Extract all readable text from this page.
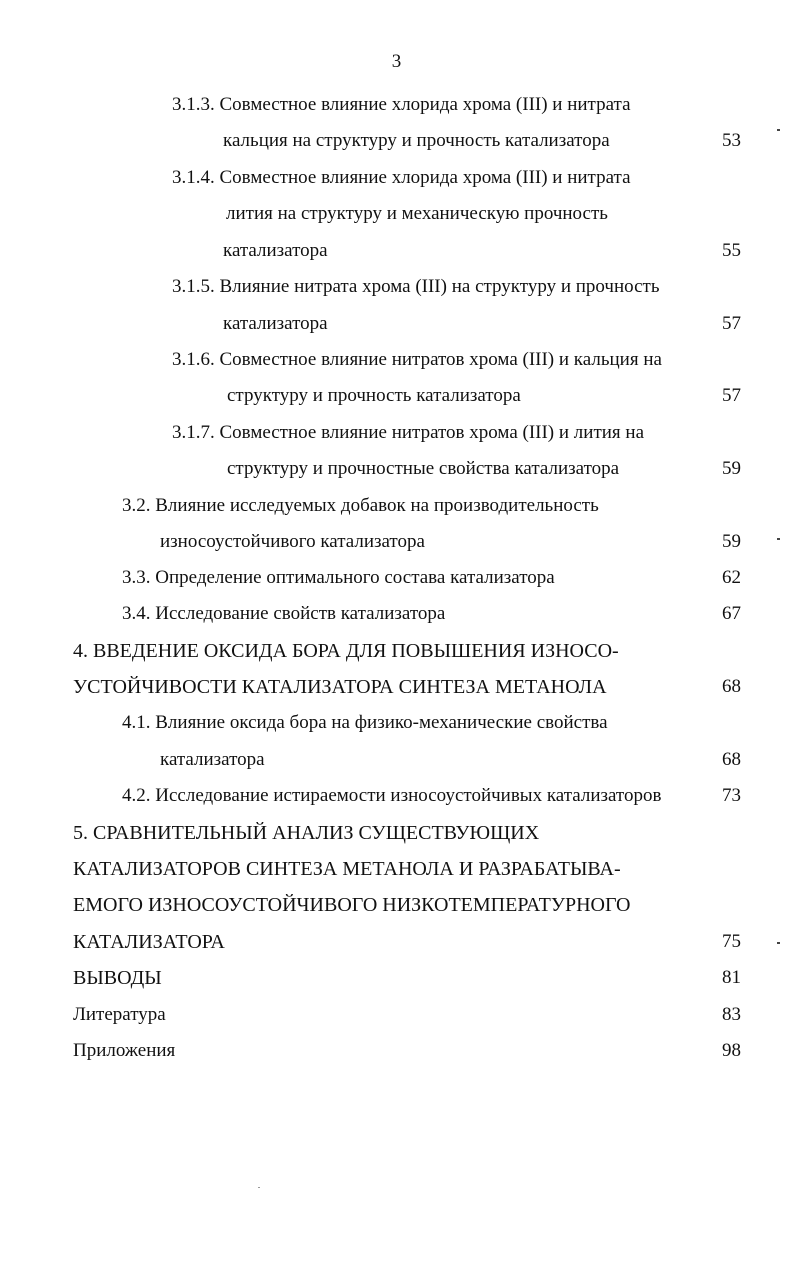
3
3.1.3. Совместное влияние хлорида хрома (III) и нитрата
кальция на структуру и прочность катализатора	53
3.1.4. Совместное влияние хлорида хрома (III) и нитрата
лития на структуру и механическую прочность
катализатора	55
3.1.5. Влияние нитрата хрома (III) на структуру и прочность
катализатора	57
3.1.6. Совместное влияние нитратов хрома (III) и кальция на
структуру и прочность катализатора	57
3.1.7. Совместное влияние нитратов хрома (III) и лития на
структуру и прочностные свойства катализатора	59
3.2. Влияние исследуемых добавок на производительность
износоустойчивого катализатора	59
3.3. Определение оптимального состава катализатора	62
3.4. Исследование свойств катализатора	67
4. ВВЕДЕНИЕ ОКСИДА БОРА ДЛЯ ПОВЫШЕНИЯ ИЗНОСО-
УСТОЙЧИВОСТИ КАТАЛИЗАТОРА СИНТЕЗА МЕТАНОЛА	68
4.1. Влияние оксида бора на физико-механические свойства
катализатора	68
4.2. Исследование истираемости износоустойчивых катализаторов	73
5. СРАВНИТЕЛЬНЫЙ АНАЛИЗ СУЩЕСТВУЮЩИХ
КАТАЛИЗАТОРОВ СИНТЕЗА МЕТАНОЛА И РАЗРАБАТЫВА-
ЕМОГО ИЗНОСОУСТОЙЧИВОГО НИЗКОТЕМПЕРАТУРНОГО
КАТАЛИЗАТОРА	75
ВЫВОДЫ	81
Литература	83
Приложения	98
